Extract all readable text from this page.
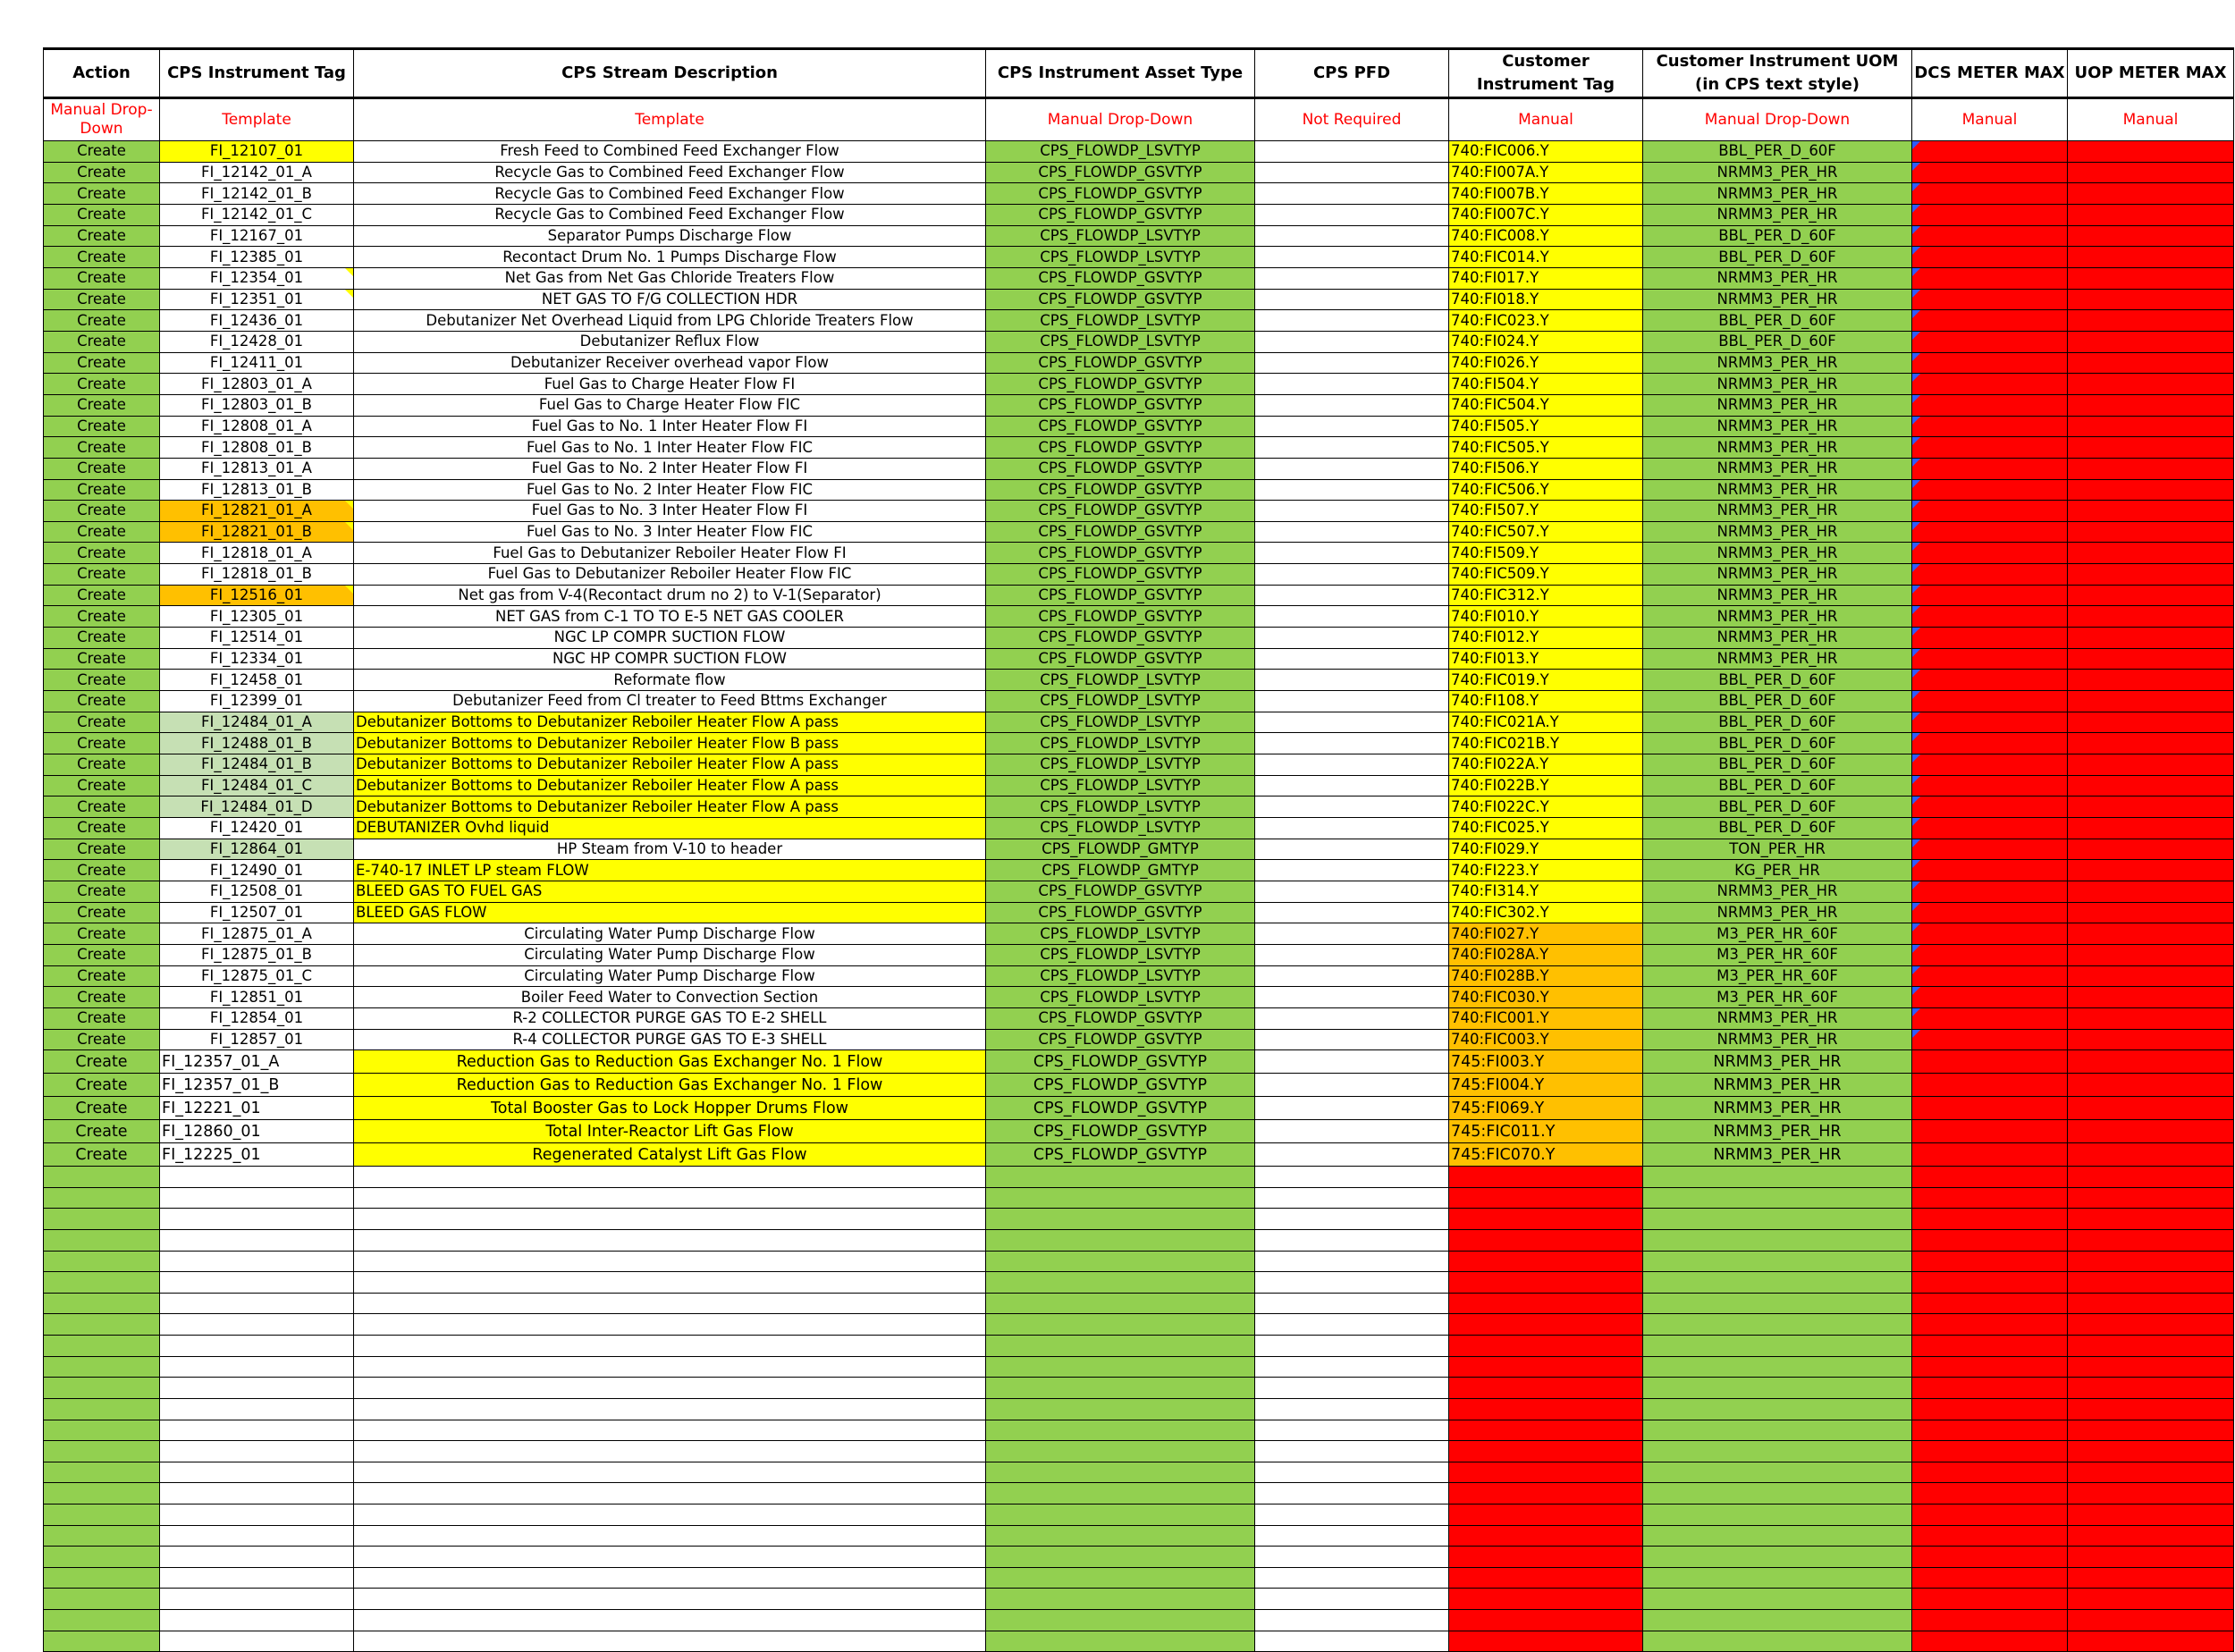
Action	CPS Instrument Tag	CPS Stream Description	CPS Instrument Asset Type	CPS PFD	Customer Instrument Tag	Customer Instrument UOM (in CPS text style)	DCS METER MAX	UOP METER MAX
Manual Drop-Down	Template	Template	Manual Drop-Down	Not Required	Manual	Manual Drop-Down	Manual	Manual
Create	FI_12107_01	Fresh Feed to Combined Feed Exchanger Flow	CPS_FLOWDP_LSVTYP		740:FIC006.Y	BBL_PER_D_60F	45000	45000
Create	FI_12142_01_A	Recycle Gas to Combined Feed Exchanger Flow	CPS_FLOWDP_GSVTYP		740:FI007A.Y	NRMM3_PER_HR	200000	200000
Create	FI_12142_01_B	Recycle Gas to Combined Feed Exchanger Flow	CPS_FLOWDP_GSVTYP		740:FI007B.Y	NRMM3_PER_HR	200000	200000
Create	FI_12142_01_C	Recycle Gas to Combined Feed Exchanger Flow	CPS_FLOWDP_GSVTYP		740:FI007C.Y	NRMM3_PER_HR	200000	200000
Create	FI_12167_01	Separator Pumps Discharge Flow	CPS_FLOWDP_LSVTYP		740:FIC008.Y	BBL_PER_D_60F	33000	33000
Create	FI_12385_01	Recontact Drum No. 1 Pumps Discharge Flow	CPS_FLOWDP_LSVTYP		740:FIC014.Y	BBL_PER_D_60F	38000	38000
Create	FI_12354_01	Net Gas from Net Gas Chloride Treaters Flow	CPS_FLOWDP_GSVTYP		740:FI017.Y	NRMM3_PER_HR	120000	120000
Create	FI_12351_01	NET GAS TO F/G COLLECTION HDR	CPS_FLOWDP_GSVTYP		740:FI018.Y	NRMM3_PER_HR	89000	89000
Create	FI_12436_01	Debutanizer Net Overhead Liquid from LPG Chloride Treaters Flow	CPS_FLOWDP_LSVTYP		740:FIC023.Y	BBL_PER_D_60F	3500	3500
Create	FI_12428_01	Debutanizer Reflux Flow	CPS_FLOWDP_LSVTYP		740:FI024.Y	BBL_PER_D_60F	11000	11000
Create	FI_12411_01	Debutanizer Receiver overhead vapor Flow	CPS_FLOWDP_GSVTYP		740:FI026.Y	NRMM3_PER_HR	1500	1500
Create	FI_12803_01_A	Fuel Gas to Charge Heater Flow FI	CPS_FLOWDP_GSVTYP		740:FI504.Y	NRMM3_PER_HR	4280	4280
Create	FI_12803_01_B	Fuel Gas to Charge Heater Flow FIC	CPS_FLOWDP_GSVTYP		740:FIC504.Y	NRMM3_PER_HR	4280	4280
Create	FI_12808_01_A	Fuel Gas to No. 1 Inter Heater Flow FI	CPS_FLOWDP_GSVTYP		740:FI505.Y	NRMM3_PER_HR	10100	10100
Create	FI_12808_01_B	Fuel Gas to No. 1 Inter Heater Flow FIC	CPS_FLOWDP_GSVTYP		740:FIC505.Y	NRMM3_PER_HR	10100	10100
Create	FI_12813_01_A	Fuel Gas to No. 2 Inter Heater Flow FI	CPS_FLOWDP_GSVTYP		740:FI506.Y	NRMM3_PER_HR	6600	6600
Create	FI_12813_01_B	Fuel Gas to No. 2 Inter Heater Flow FIC	CPS_FLOWDP_GSVTYP		740:FIC506.Y	NRMM3_PER_HR	6600	6600
Create	FI_12821_01_A	Fuel Gas to No. 3 Inter Heater Flow FI	CPS_FLOWDP_GSVTYP		740:FI507.Y	NRMM3_PER_HR	4600	4600
Create	FI_12821_01_B	Fuel Gas to No. 3 Inter Heater Flow FIC	CPS_FLOWDP_GSVTYP		740:FIC507.Y	NRMM3_PER_HR	4600	4600
Create	FI_12818_01_A	Fuel Gas to Debutanizer Reboiler Heater Flow FI	CPS_FLOWDP_GSVTYP		740:FI509.Y	NRMM3_PER_HR	2000	2000
Create	FI_12818_01_B	Fuel Gas to Debutanizer Reboiler Heater Flow FIC	CPS_FLOWDP_GSVTYP		740:FIC509.Y	NRMM3_PER_HR	2000	2000
Create	FI_12516_01	Net gas from V-4(Recontact drum no 2) to V-1(Separator)	CPS_FLOWDP_GSVTYP		740:FIC312.Y	NRMM3_PER_HR	20000	20000
Create	FI_12305_01	NET GAS from C-1 TO TO E-5 NET GAS COOLER	CPS_FLOWDP_GSVTYP		740:FI010.Y	NRMM3_PER_HR	140000	140000
Create	FI_12514_01	NGC LP COMPR SUCTION FLOW	CPS_FLOWDP_GSVTYP		740:FI012.Y	NRMM3_PER_HR	198000	198000
Create	FI_12334_01	NGC HP COMPR SUCTION FLOW	CPS_FLOWDP_GSVTYP		740:FI013.Y	NRMM3_PER_HR	198000	198000
Create	FI_12458_01	Reformate flow	CPS_FLOWDP_LSVTYP		740:FIC019.Y	BBL_PER_D_60F	36000	36000
Create	FI_12399_01	Debutanizer Feed from Cl treater to Feed Bttms Exchanger	CPS_FLOWDP_LSVTYP		740:FI108.Y	BBL_PER_D_60F	45000	45000
Create	FI_12484_01_A	Debutanizer Bottoms to Debutanizer Reboiler Heater Flow A pass	CPS_FLOWDP_LSVTYP		740:FIC021A.Y	BBL_PER_D_60F	20000	20000
Create	FI_12488_01_B	Debutanizer Bottoms to Debutanizer Reboiler Heater Flow B pass	CPS_FLOWDP_LSVTYP		740:FIC021B.Y	BBL_PER_D_60F	20000	20000
Create	FI_12484_01_B	Debutanizer Bottoms to Debutanizer Reboiler Heater Flow A pass	CPS_FLOWDP_LSVTYP		740:FI022A.Y	BBL_PER_D_60F	20000	20000
Create	FI_12484_01_C	Debutanizer Bottoms to Debutanizer Reboiler Heater Flow A pass	CPS_FLOWDP_LSVTYP		740:FI022B.Y	BBL_PER_D_60F	20000	20000
Create	FI_12484_01_D	Debutanizer Bottoms to Debutanizer Reboiler Heater Flow A pass	CPS_FLOWDP_LSVTYP		740:FI022C.Y	BBL_PER_D_60F	20000	20000
Create	FI_12420_01	DEBUTANIZER Ovhd liquid	CPS_FLOWDP_LSVTYP		740:FIC025.Y	BBL_PER_D_60F	14500	14500
Create	FI_12864_01	HP Steam from V-10 to header	CPS_FLOWDP_GMTYP		740:FI029.Y	TON_PER_HR	100	100
Create	FI_12490_01	E-740-17 INLET LP steam FLOW	CPS_FLOWDP_GMTYP		740:FI223.Y	KG_PER_HR	3000	3000
Create	FI_12508_01	BLEED GAS TO FUEL GAS	CPS_FLOWDP_GSVTYP		740:FI314.Y	NRMM3_PER_HR	14000	14000
Create	FI_12507_01	BLEED GAS FLOW	CPS_FLOWDP_GSVTYP		740:FIC302.Y	NRMM3_PER_HR	14000	14000
Create	FI_12875_01_A	Circulating Water Pump Discharge Flow	CPS_FLOWDP_LSVTYP		740:FI027.Y	M3_PER_HR_60F	1100	1100
Create	FI_12875_01_B	Circulating Water Pump Discharge Flow	CPS_FLOWDP_LSVTYP		740:FI028A.Y	M3_PER_HR_60F	1100	1100
Create	FI_12875_01_C	Circulating Water Pump Discharge Flow	CPS_FLOWDP_LSVTYP		740:FI028B.Y	M3_PER_HR_60F	1100	1100
Create	FI_12851_01	Boiler Feed Water to Convection Section	CPS_FLOWDP_LSVTYP		740:FIC030.Y	M3_PER_HR_60F	110	110
Create	FI_12854_01	R-2 COLLECTOR PURGE GAS TO E-2 SHELL	CPS_FLOWDP_GSVTYP		740:FIC001.Y	NRMM3_PER_HR	1300	1300
Create	FI_12857_01	R-4 COLLECTOR PURGE GAS TO E-3 SHELL	CPS_FLOWDP_GSVTYP		740:FIC003.Y	NRMM3_PER_HR	1300	1300
Create	FI_12357_01_A	Reduction Gas to Reduction Gas Exchanger No. 1 Flow	CPS_FLOWDP_GSVTYP		745:FI003.Y	NRMM3_PER_HR	7000	7000
Create	FI_12357_01_B	Reduction Gas to Reduction Gas Exchanger No. 1 Flow	CPS_FLOWDP_GSVTYP		745:FI004.Y	NRMM3_PER_HR	7000	7000
Create	FI_12221_01	Total Booster Gas to Lock Hopper Drums Flow	CPS_FLOWDP_GSVTYP		745:FI069.Y	NRMM3_PER_HR	600	600
Create	FI_12860_01	Total Inter-Reactor Lift Gas Flow	CPS_FLOWDP_GSVTYP		745:FIC011.Y	NRMM3_PER_HR	1100	1100
Create	FI_12225_01	Regenerated Catalyst Lift Gas Flow	CPS_FLOWDP_GSVTYP		745:FIC070.Y	NRMM3_PER_HR	1100	1100
